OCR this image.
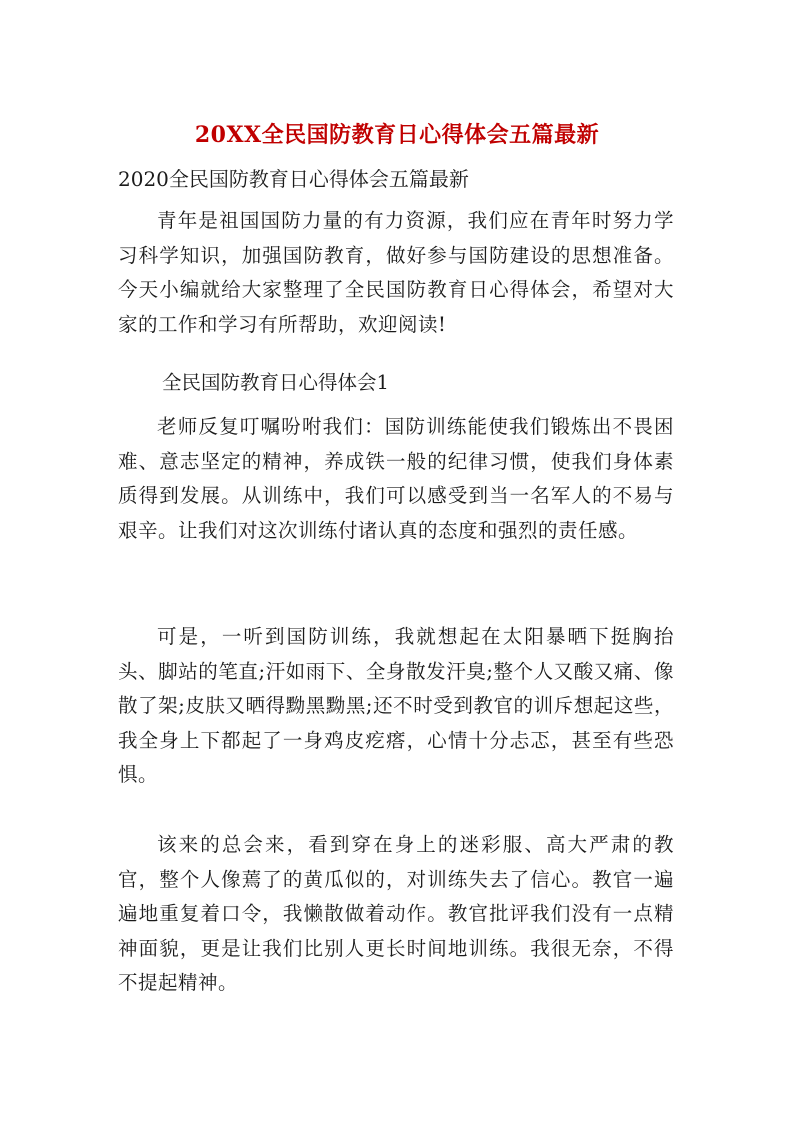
20XX全民国防教育日心得体会五篇最新
2020全民国防教育日心得体会五篇最新

青年是祖国国防力量的有力资源，我们应在青年时努力学习科学知识，加强国防教育，做好参与国防建设的思想准备。今天小编就给大家整理了全民国防教育日心得体会，希望对大家的工作和学习有所帮助，欢迎阅读!

全民国防教育日心得体会1

老师反复叮嘱吩咐我们：国防训练能使我们锻炼出不畏困难、意志坚定的精神，养成铁一般的纪律习惯，使我们身体素质得到发展。从训练中，我们可以感受到当一名军人的不易与艰辛。让我们对这次训练付诸认真的态度和强烈的责任感。

可是，一听到国防训练，我就想起在太阳暴晒下挺胸抬头、脚站的笔直;汗如雨下、全身散发汗臭;整个人又酸又痛、像散了架;皮肤又晒得黝黑黝黑;还不时受到教官的训斥想起这些，我全身上下都起了一身鸡皮疙瘩，心情十分忐忑，甚至有些恐惧。

该来的总会来，看到穿在身上的迷彩服、高大严肃的教官，整个人像蔫了的黄瓜似的，对训练失去了信心。教官一遍遍地重复着口令，我懒散做着动作。教官批评我们没有一点精神面貌，更是让我们比别人更长时间地训练。我很无奈，不得不提起精神。
